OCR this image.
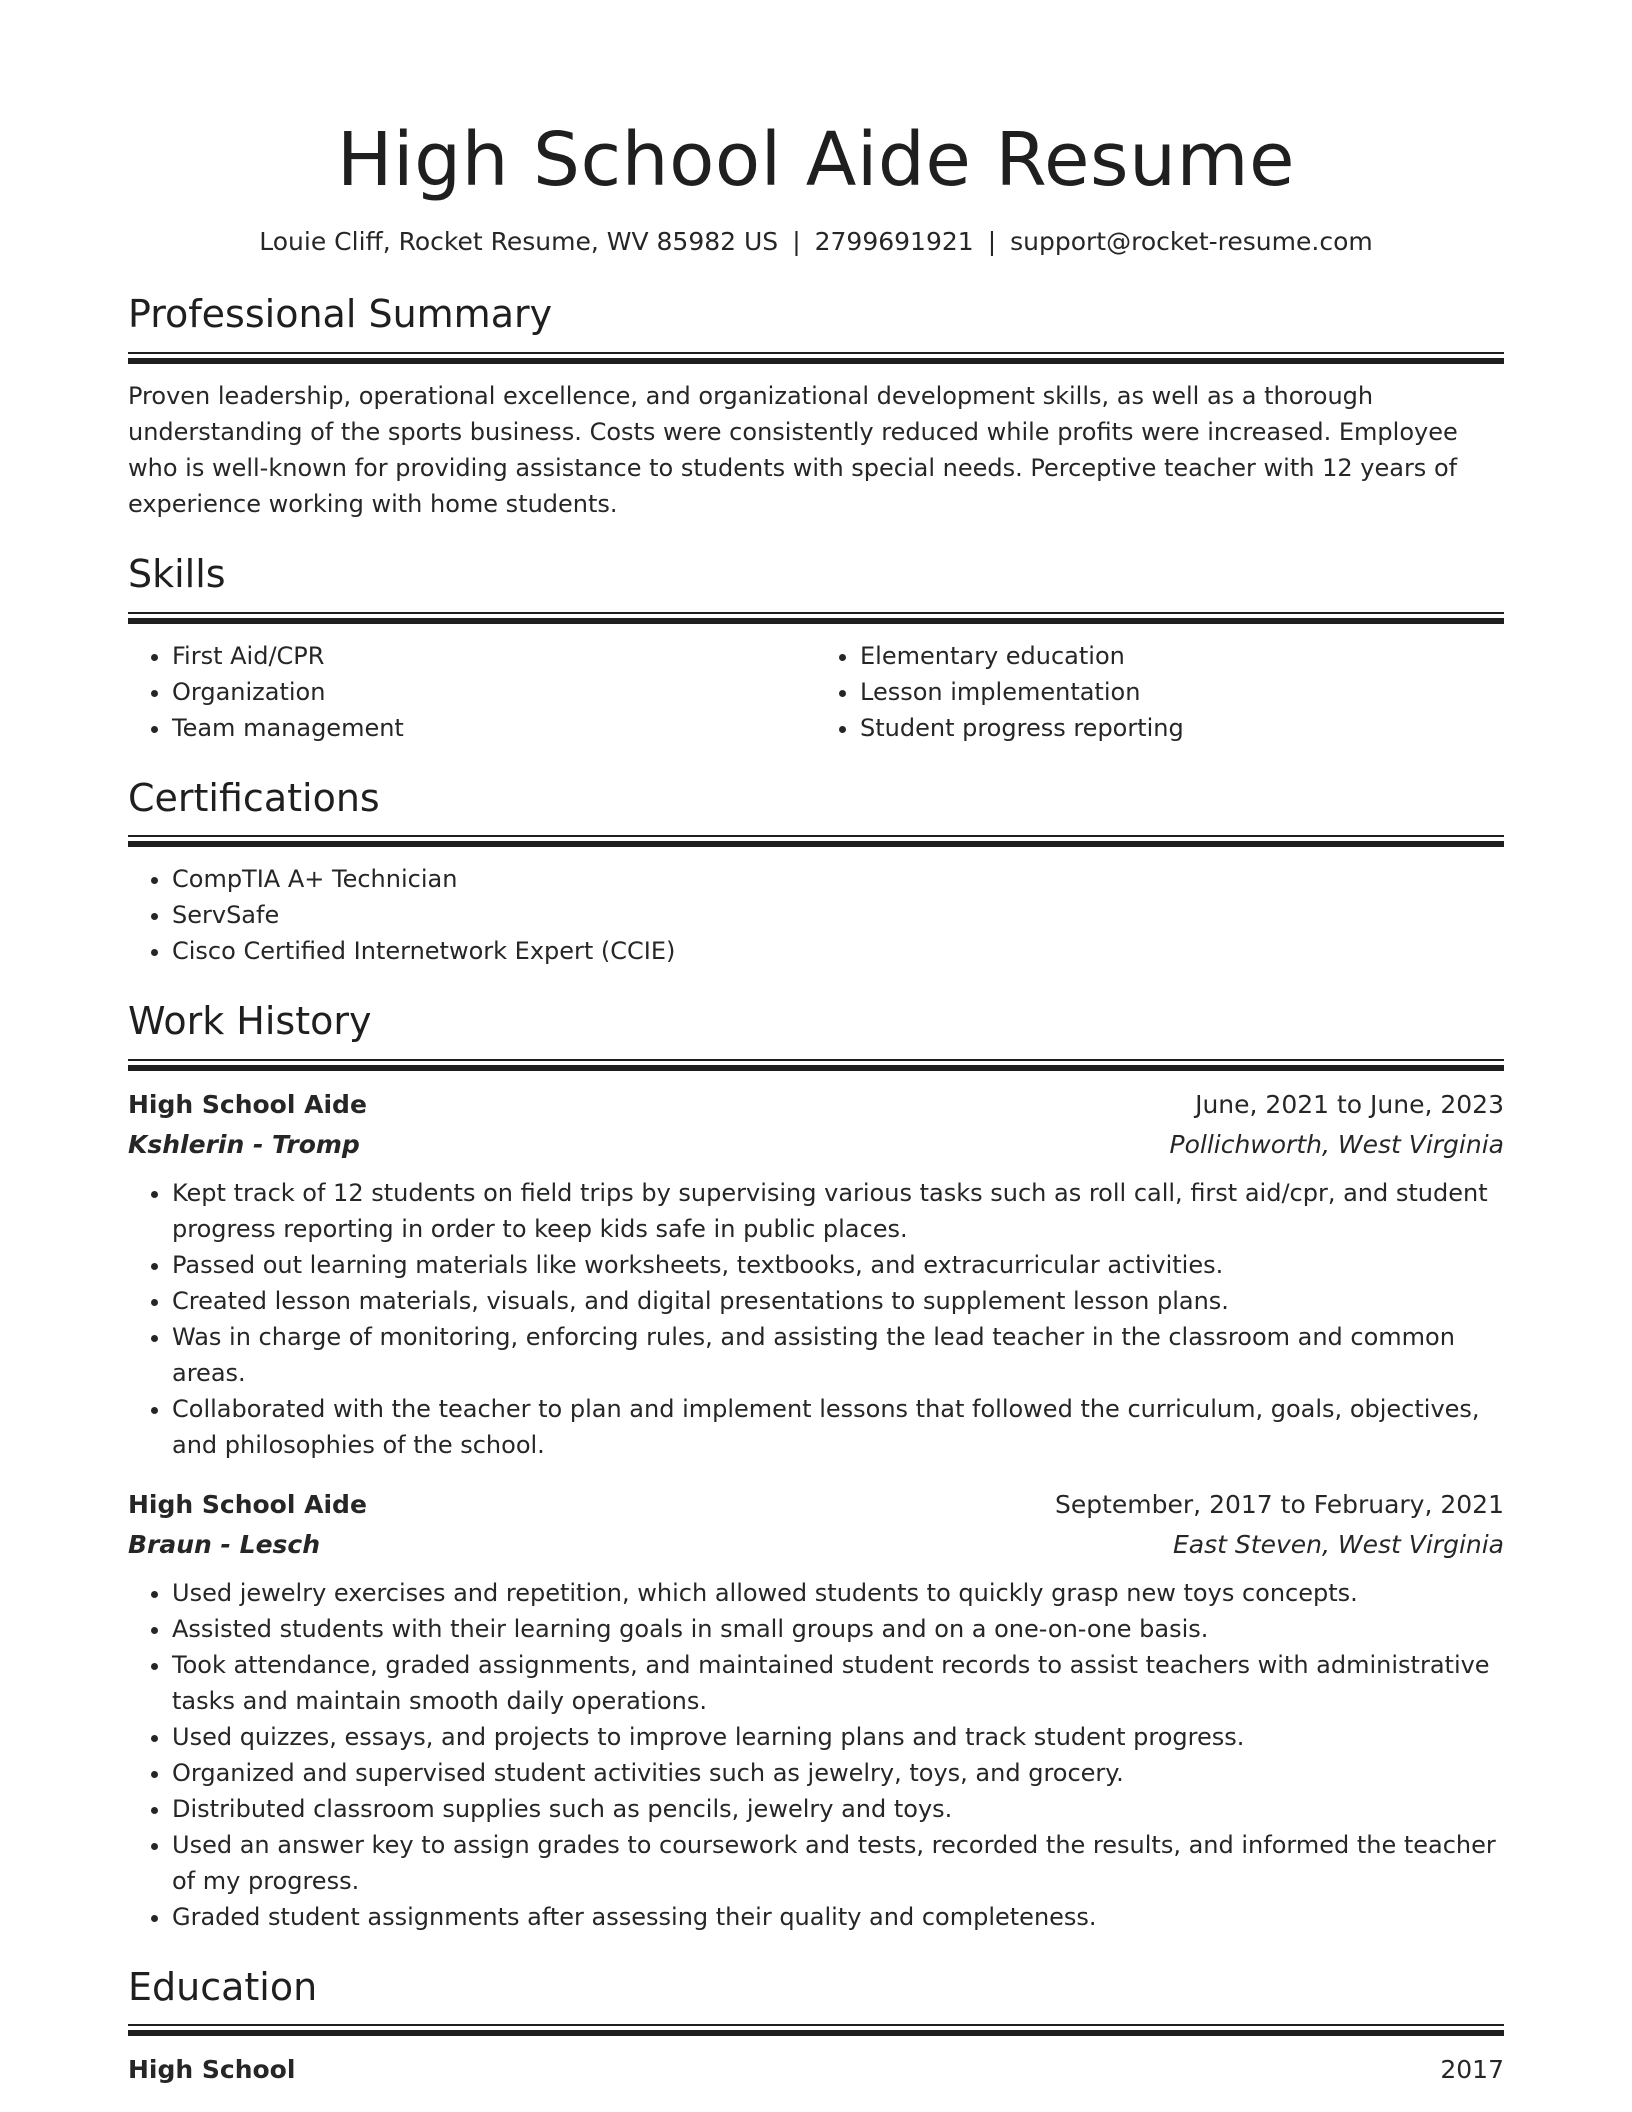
High School Aide Resume
Louie Cliff, Rocket Resume, WV 85982 US | 2799691921 | support@rocket-resume.com
Professional Summary

Proven leadership, operational excellence, and organizational development skills, as well as a thorough understanding of the sports business. Costs were consistently reduced while profits were increased. Employee who is well-known for providing assistance to students with special needs. Perceptive teacher with 12 years of experience working with home students.

Skills
• First Aid/CPR
• Organization
• Team management
• Elementary education
• Lesson implementation
• Student progress reporting
Certifications
• CompTIA A+ Technician
• ServSafe
• Cisco Certified Internetwork Expert (CCIE)
Work History
High School Aide	June, 2021 to June, 2023
Kshlerin - Tromp	Pollichworth, West Virginia
• Kept track of 12 students on field trips by supervising various tasks such as roll call, first aid/cpr, and student progress reporting in order to keep kids safe in public places.
• Passed out learning materials like worksheets, textbooks, and extracurricular activities.
• Created lesson materials, visuals, and digital presentations to supplement lesson plans.
• Was in charge of monitoring, enforcing rules, and assisting the lead teacher in the classroom and common areas.
• Collaborated with the teacher to plan and implement lessons that followed the curriculum, goals, objectives, and philosophies of the school.
High School Aide	September, 2017 to February, 2021
Braun - Lesch	East Steven, West Virginia
• Used jewelry exercises and repetition, which allowed students to quickly grasp new toys concepts.
• Assisted students with their learning goals in small groups and on a one-on-one basis.
• Took attendance, graded assignments, and maintained student records to assist teachers with administrative tasks and maintain smooth daily operations.
• Used quizzes, essays, and projects to improve learning plans and track student progress.
• Organized and supervised student activities such as jewelry, toys, and grocery.
• Distributed classroom supplies such as pencils, jewelry and toys.
• Used an answer key to assign grades to coursework and tests, recorded the results, and informed the teacher of my progress.
• Graded student assignments after assessing their quality and completeness.
Education
High School	2017
